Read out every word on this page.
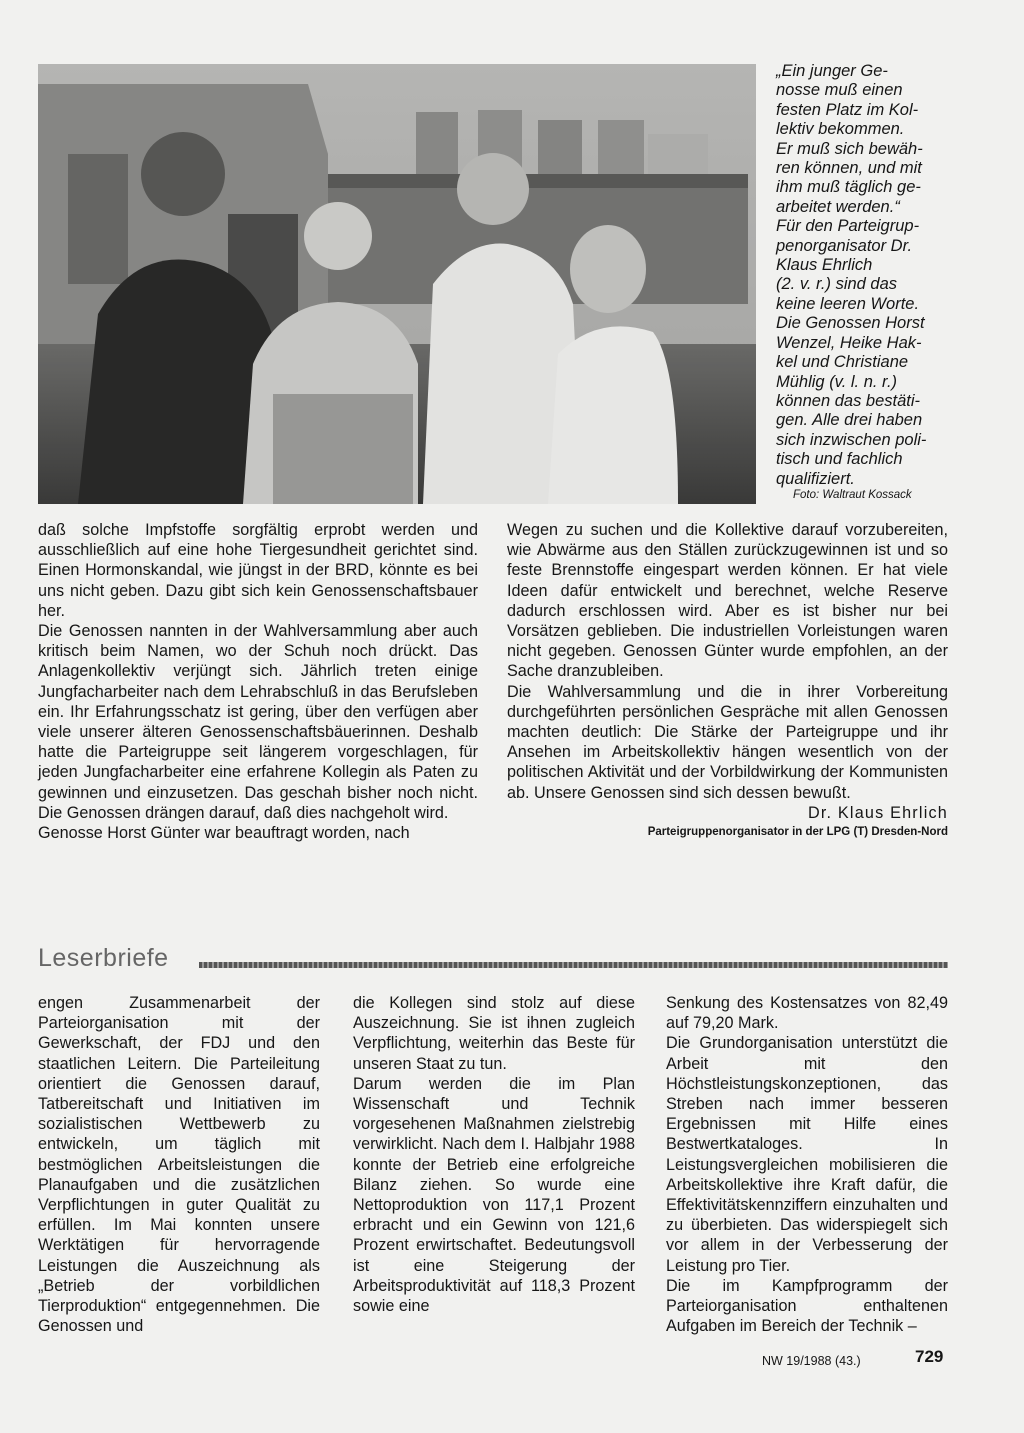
„Ein junger Ge-
nosse muß einen
festen Platz im Kol-
lektiv bekommen.
Er muß sich bewäh-
ren können, und mit
ihm muß täglich ge-
arbeitet werden.“
Für den Parteigrup-
penorganisator Dr.
Klaus Ehrlich
(2. v. r.) sind das
keine leeren Worte.
Die Genossen Horst
Wenzel, Heike Hak-
kel und Christiane
Mühlig (v. l. n. r.)
können das bestäti-
gen. Alle drei haben
sich inzwischen poli-
tisch und fachlich
qualifiziert.
Foto: Waltraut Kossack

daß solche Impfstoffe sorgfältig erprobt werden und ausschließlich auf eine hohe Tiergesundheit gerichtet sind. Einen Hormonskandal, wie jüngst in der BRD, könnte es bei uns nicht geben. Dazu gibt sich kein Genossenschaftsbauer her.

Die Genossen nannten in der Wahlversammlung aber auch kritisch beim Namen, wo der Schuh noch drückt. Das Anlagenkollektiv verjüngt sich. Jährlich treten einige Jungfacharbeiter nach dem Lehrabschluß in das Berufsleben ein. Ihr Erfahrungsschatz ist gering, über den verfügen aber viele unserer älteren Genossenschaftsbäuerinnen. Deshalb hatte die Parteigruppe seit längerem vorgeschlagen, für jeden Jungfacharbeiter eine erfahrene Kollegin als Paten zu gewinnen und einzusetzen. Das geschah bisher noch nicht. Die Genossen drängen darauf, daß dies nachgeholt wird.

Genosse Horst Günter war beauftragt worden, nach

Wegen zu suchen und die Kollektive darauf vorzubereiten, wie Abwärme aus den Ställen zurückzugewinnen ist und so feste Brennstoffe eingespart werden können. Er hat viele Ideen dafür entwickelt und berechnet, welche Reserve dadurch erschlossen wird. Aber es ist bisher nur bei Vorsätzen geblieben. Die industriellen Vorleistungen waren nicht gegeben. Genossen Günter wurde empfohlen, an der Sache dranzubleiben.

Die Wahlversammlung und die in ihrer Vorbereitung durchgeführten persönlichen Gespräche mit allen Genossen machten deutlich: Die Stärke der Parteigruppe und ihr Ansehen im Arbeitskollektiv hängen wesentlich von der politischen Aktivität und der Vorbildwirkung der Kommunisten ab. Unsere Genossen sind sich dessen bewußt.

Dr. Klaus Ehrlich

Parteigruppenorganisator in der LPG (T) Dresden-Nord

Leserbriefe
engen Zusammenarbeit der Parteiorganisation mit der Gewerkschaft, der FDJ und den staatlichen Leitern. Die Parteileitung orientiert die Genossen darauf, Tatbereitschaft und Initiativen im sozialistischen Wettbewerb zu entwickeln, um täglich mit bestmöglichen Arbeitsleistungen die Planaufgaben und die zusätzlichen Verpflichtungen in guter Qualität zu erfüllen. Im Mai konnten unsere Werktätigen für hervorragende Leistungen die Auszeichnung als „Betrieb der vorbildlichen Tierproduktion“ entgegennehmen. Die Genossen und
die Kollegen sind stolz auf diese Auszeichnung. Sie ist ihnen zugleich Verpflichtung, weiterhin das Beste für unseren Staat zu tun.
Darum werden die im Plan Wissenschaft und Technik vorgesehenen Maßnahmen zielstrebig verwirklicht. Nach dem I. Halbjahr 1988 konnte der Betrieb eine erfolgreiche Bilanz ziehen. So wurde eine Nettoproduktion von 117,1 Prozent erbracht und ein Gewinn von 121,6 Prozent erwirtschaftet. Bedeutungsvoll ist eine Steigerung der Arbeitsproduktivität auf 118,3 Prozent sowie eine
Senkung des Kostensatzes von 82,49 auf 79,20 Mark.
Die Grundorganisation unterstützt die Arbeit mit den Höchstleistungskonzeptionen, das Streben nach immer besseren Ergebnissen mit Hilfe eines Bestwertkataloges. In Leistungsvergleichen mobilisieren die Arbeitskollektive ihre Kraft dafür, die Effektivitätskennziffern einzuhalten und zu überbieten. Das widerspiegelt sich vor allem in der Verbesserung der Leistung pro Tier.
Die im Kampfprogramm der Parteiorganisation enthaltenen Aufgaben im Bereich der Technik –
NW 19/1988 (43.)	729
